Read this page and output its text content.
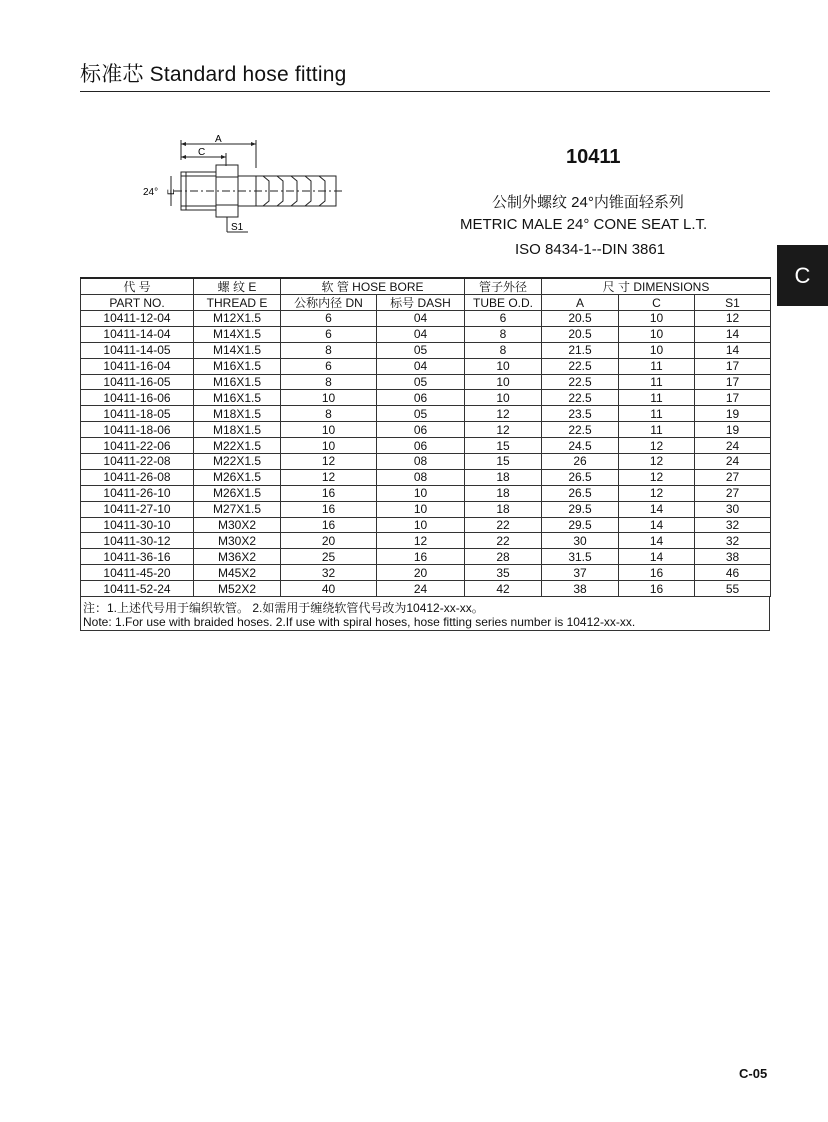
标准芯 Standard hose fitting
C
A
C
24° E
S1
10411
公制外螺纹 24°内锥面轻系列
METRIC MALE 24° CONE SEAT L.T.
ISO 8434-1--DIN 3861
代 号	螺 纹 E	软 管 HOSE BORE		管子外径	尺 寸 DIMENSIONS		
PART NO.	THREAD E	公称内径 DN	标号 DASH	TUBE O.D.	A	C	S1
10411-12-04	M12X1.5	6	04	6	20.5	10	12
10411-14-04	M14X1.5	6	04	8	20.5	10	14
10411-14-05	M14X1.5	8	05	8	21.5	10	14
10411-16-04	M16X1.5	6	04	10	22.5	11	17
10411-16-05	M16X1.5	8	05	10	22.5	11	17
10411-16-06	M16X1.5	10	06	10	22.5	11	17
10411-18-05	M18X1.5	8	05	12	23.5	11	19
10411-18-06	M18X1.5	10	06	12	22.5	11	19
10411-22-06	M22X1.5	10	06	15	24.5	12	24
10411-22-08	M22X1.5	12	08	15	26	12	24
10411-26-08	M26X1.5	12	08	18	26.5	12	27
10411-26-10	M26X1.5	16	10	18	26.5	12	27
10411-27-10	M27X1.5	16	10	18	29.5	14	30
10411-30-10	M30X2	16	10	22	29.5	14	32
10411-30-12	M30X2	20	12	22	30	14	32
10411-36-16	M36X2	25	16	28	31.5	14	38
10411-45-20	M45X2	32	20	35	37	16	46
10411-52-24	M52X2	40	24	42	38	16	55
注：1.上述代号用于编织软管。 2.如需用于缠绕软管代号改为10412-xx-xx。
Note: 1.For use with braided hoses. 2.If use with spiral hoses, hose fitting series number is 10412-xx-xx.
C-05
